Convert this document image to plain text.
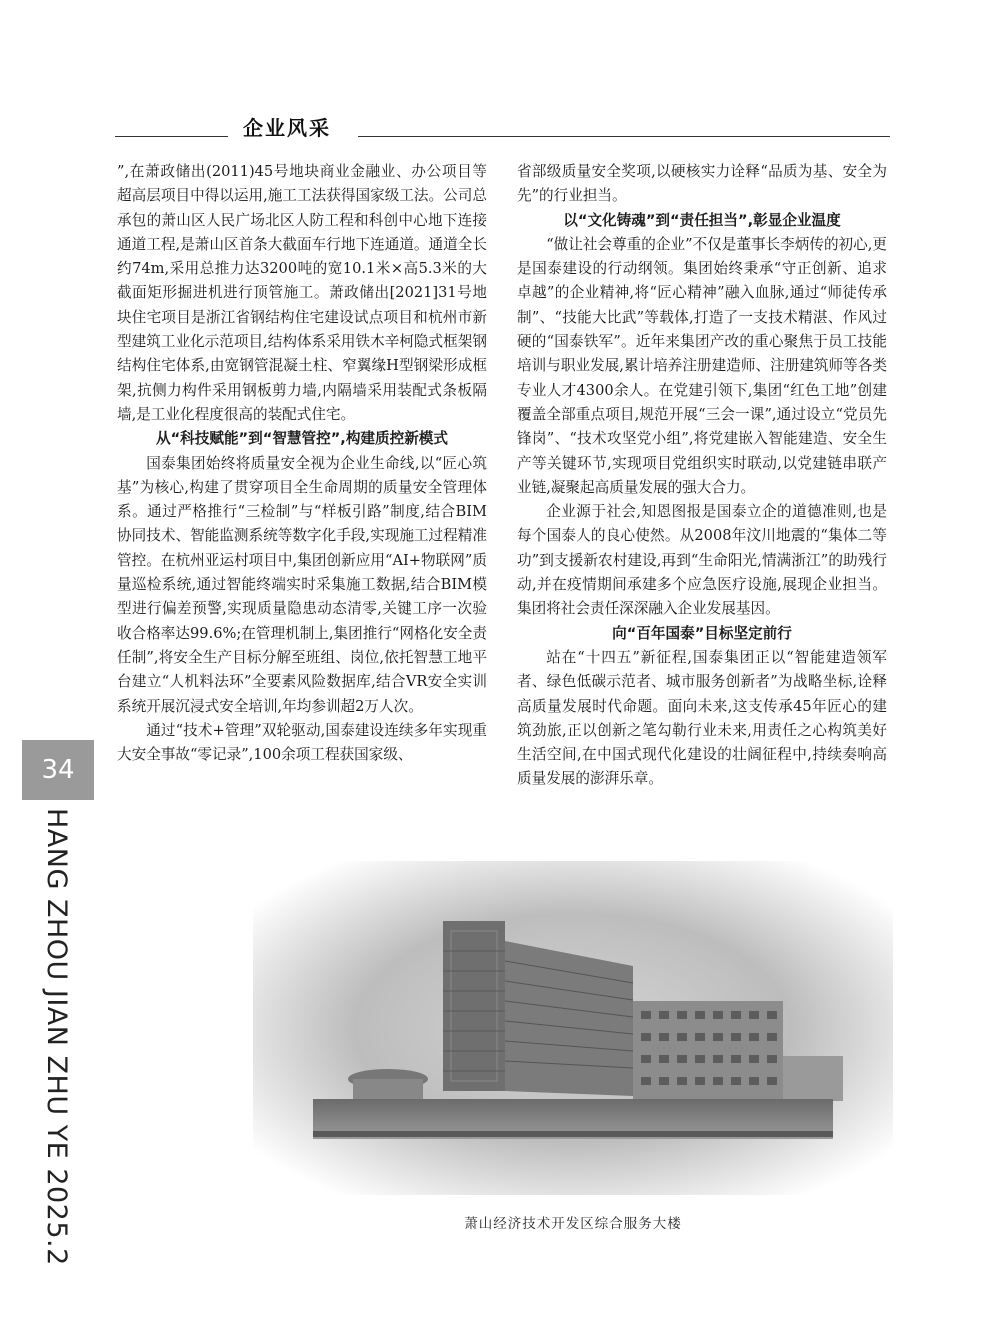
企业风采

”,在萧政储出(2011)45号地块商业金融业、办公项目等超高层项目中得以运用,施工工法获得国家级工法。公司总承包的萧山区人民广场北区人防工程和科创中心地下连接通道工程,是萧山区首条大截面车行地下连通道。通道全长约74m,采用总推力达3200吨的宽10.1米×高5.3米的大截面矩形掘进机进行顶管施工。萧政储出[2021]31号地块住宅项目是浙江省钢结构住宅建设试点项目和杭州市新型建筑工业化示范项目,结构体系采用铁木辛柯隐式框架钢结构住宅体系,由宽钢管混凝土柱、窄翼缘H型钢梁形成框架,抗侧力构件采用钢板剪力墙,内隔墙采用装配式条板隔墙,是工业化程度很高的装配式住宅。

从“科技赋能”到“智慧管控”,构建质控新模式

国泰集团始终将质量安全视为企业生命线,以“匠心筑基”为核心,构建了贯穿项目全生命周期的质量安全管理体系。通过严格推行“三检制”与“样板引路”制度,结合BIM协同技术、智能监测系统等数字化手段,实现施工过程精准管控。在杭州亚运村项目中,集团创新应用“AI+物联网”质量巡检系统,通过智能终端实时采集施工数据,结合BIM模型进行偏差预警,实现质量隐患动态清零,关键工序一次验收合格率达99.6%;在管理机制上,集团推行“网格化安全责任制”,将安全生产目标分解至班组、岗位,依托智慧工地平台建立“人机料法环”全要素风险数据库,结合VR安全实训系统开展沉浸式安全培训,年均参训超2万人次。

通过“技术+管理”双轮驱动,国泰建设连续多年实现重大安全事故“零记录”,100余项工程获国家级、

省部级质量安全奖项,以硬核实力诠释“品质为基、安全为先”的行业担当。

以“文化铸魂”到“责任担当”,彰显企业温度

“做让社会尊重的企业”不仅是董事长李炳传的初心,更是国泰建设的行动纲领。集团始终秉承“守正创新、追求卓越”的企业精神,将“匠心精神”融入血脉,通过“师徒传承制”、“技能大比武”等载体,打造了一支技术精湛、作风过硬的“国泰铁军”。近年来集团产改的重心聚焦于员工技能培训与职业发展,累计培养注册建造师、注册建筑师等各类专业人才4300余人。在党建引领下,集团“红色工地”创建覆盖全部重点项目,规范开展“三会一课”,通过设立“党员先锋岗”、“技术攻坚党小组”,将党建嵌入智能建造、安全生产等关键环节,实现项目党组织实时联动,以党建链串联产业链,凝聚起高质量发展的强大合力。

企业源于社会,知恩图报是国泰立企的道德准则,也是每个国泰人的良心使然。从2008年汶川地震的“集体二等功”到支援新农村建设,再到“生命阳光,情满浙江”的助残行动,并在疫情期间承建多个应急医疗设施,展现企业担当。集团将社会责任深深融入企业发展基因。

向“百年国泰”目标坚定前行

站在“十四五”新征程,国泰集团正以“智能建造领军者、绿色低碳示范者、城市服务创新者”为战略坐标,诠释高质量发展时代命题。面向未来,这支传承45年匠心的建筑劲旅,正以创新之笔勾勒行业未来,用责任之心构筑美好生活空间,在中国式现代化建设的壮阔征程中,持续奏响高质量发展的澎湃乐章。

34
HANG ZHOU JIAN ZHU YE 2025.2	萧山经济技术开发区综合服务大楼
